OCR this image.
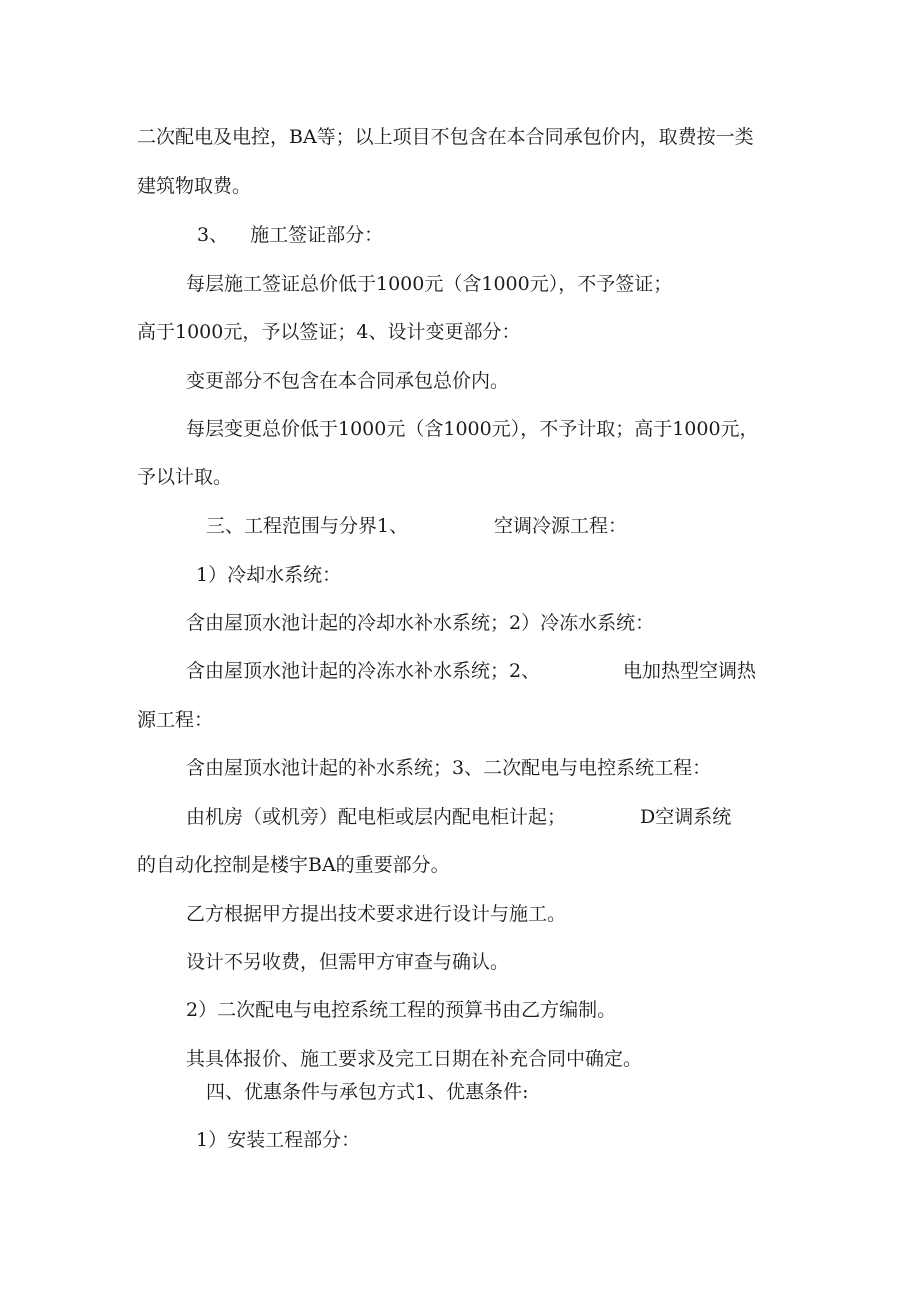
二次配电及电控，BA等；以上项目不包含在本合同承包价内，取费按一类
建筑物取费。
3、 施工签证部分：
每层施工签证总价低于1000元（含1000元），不予签证；
高于1000元，予以签证；4、设计变更部分：
变更部分不包含在本合同承包总价内。
每层变更总价低于1000元（含1000元），不予计取；高于1000元，
予以计取。
三、工程范围与分界1、	空调冷源工程：
1）冷却水系统：
含由屋顶水池计起的冷却水补水系统；2）冷冻水系统：
含由屋顶水池计起的冷冻水补水系统；2、	电加热型空调热
源工程：
含由屋顶水池计起的补水系统；3、二次配电与电控系统工程：
由机房（或机旁）配电柜或层内配电柜计起；	D空调系统
的自动化控制是楼宇BA的重要部分。
乙方根据甲方提出技术要求进行设计与施工。
设计不另收费，但需甲方审查与确认。
2）二次配电与电控系统工程的预算书由乙方编制。
其具体报价、施工要求及完工日期在补充合同中确定。
四、优惠条件与承包方式1、优惠条件:
1）安装工程部分：
